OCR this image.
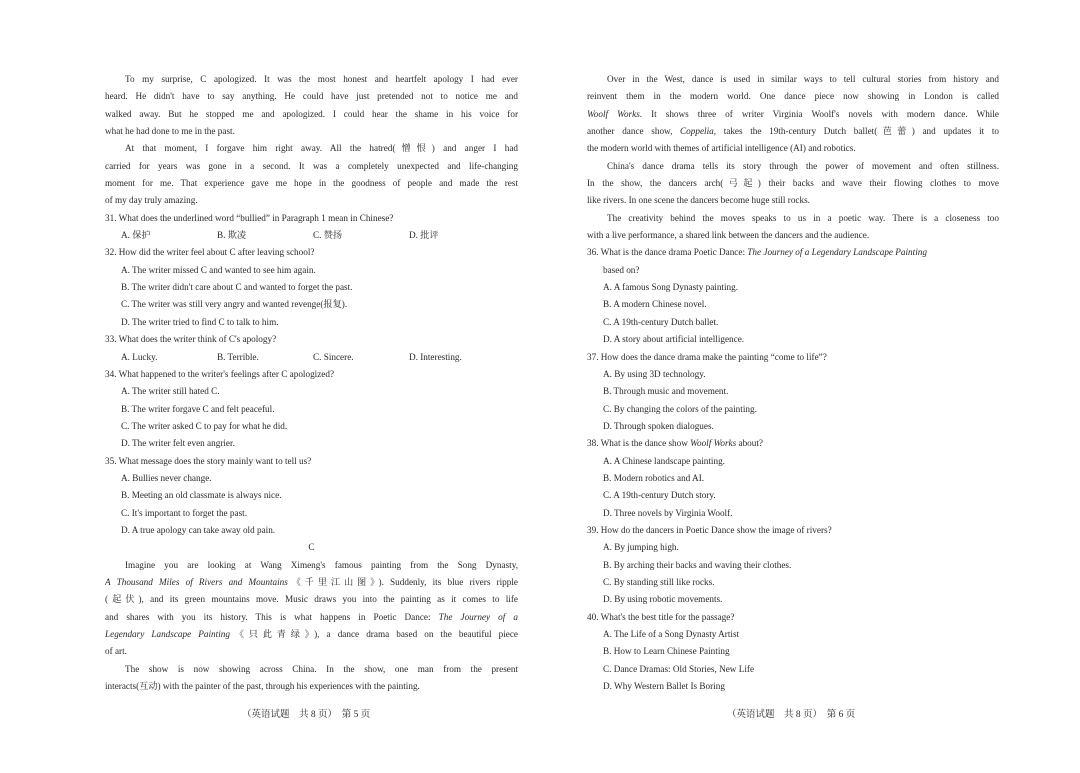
To my surprise, C apologized. It was the most honest and heartfelt apology I had ever
heard. He didn't have to say anything. He could have just pretended not to notice me and
walked away. But he stopped me and apologized. I could hear the shame in his voice for
what he had done to me in the past.
At that moment, I forgave him right away. All the hatred(憎恨) and anger I had
carried for years was gone in a second. It was a completely unexpected and life-changing
moment for me. That experience gave me hope in the goodness of people and made the rest
of my day truly amazing.
31. What does the underlined word “bullied” in Paragraph 1 mean in Chinese?
A. 保护	B. 欺凌	C. 赞扬	D. 批评
32. How did the writer feel about C after leaving school?
A. The writer missed C and wanted to see him again.
B. The writer didn't care about C and wanted to forget the past.
C. The writer was still very angry and wanted revenge(报复).
D. The writer tried to find C to talk to him.
33. What does the writer think of C's apology?
A. Lucky.	B. Terrible.	C. Sincere.	D. Interesting.
34. What happened to the writer's feelings after C apologized?
A. The writer still hated C.
B. The writer forgave C and felt peaceful.
C. The writer asked C to pay for what he did.
D. The writer felt even angrier.
35. What message does the story mainly want to tell us?
A. Bullies never change.
B. Meeting an old classmate is always nice.
C. It's important to forget the past.
D. A true apology can take away old pain.
C
Imagine you are looking at Wang Ximeng's famous painting from the Song Dynasty,
A Thousand Miles of Rivers and Mountains《千里江山图》). Suddenly, its blue rivers ripple
(起伏), and its green mountains move. Music draws you into the painting as it comes to life
and shares with you its history. This is what happens in Poetic Dance: The Journey of a
Legendary Landscape Painting《只此青绿》), a dance drama based on the beautiful piece
of art.
The show is now showing across China. In the show, one man from the present
interacts(互动) with the painter of the past, through his experiences with the painting.
Over in the West, dance is used in similar ways to tell cultural stories from history and
reinvent them in the modern world. One dance piece now showing in London is called
Woolf Works. It shows three of writer Virginia Woolf's novels with modern dance. While
another dance show, Coppelia, takes the 19th-century Dutch ballet(芭蕾) and updates it to
the modern world with themes of artificial intelligence (AI) and robotics.
China's dance drama tells its story through the power of movement and often stillness.
In the show, the dancers arch(弓起) their backs and wave their flowing clothes to move
like rivers. In one scene the dancers become huge still rocks.
The creativity behind the moves speaks to us in a poetic way. There is a closeness too
with a live performance, a shared link between the dancers and the audience.
36. What is the dance drama Poetic Dance: The Journey of a Legendary Landscape Painting
based on?
A. A famous Song Dynasty painting.
B. A modern Chinese novel.
C. A 19th-century Dutch ballet.
D. A story about artificial intelligence.
37. How does the dance drama make the painting “come to life”?
A. By using 3D technology.
B. Through music and movement.
C. By changing the colors of the painting.
D. Through spoken dialogues.
38. What is the dance show Woolf Works about?
A. A Chinese landscape painting.
B. Modern robotics and AI.
C. A 19th-century Dutch story.
D. Three novels by Virginia Woolf.
39. How do the dancers in Poetic Dance show the image of rivers?
A. By jumping high.
B. By arching their backs and waving their clothes.
C. By standing still like rocks.
D. By using robotic movements.
40. What's the best title for the passage?
A. The Life of a Song Dynasty Artist
B. How to Learn Chinese Painting
C. Dance Dramas: Old Stories, New Life
D. Why Western Ballet Is Boring
（英语试题　共 8 页）　第 5 页	（英语试题　共 8 页）　第 6 页
